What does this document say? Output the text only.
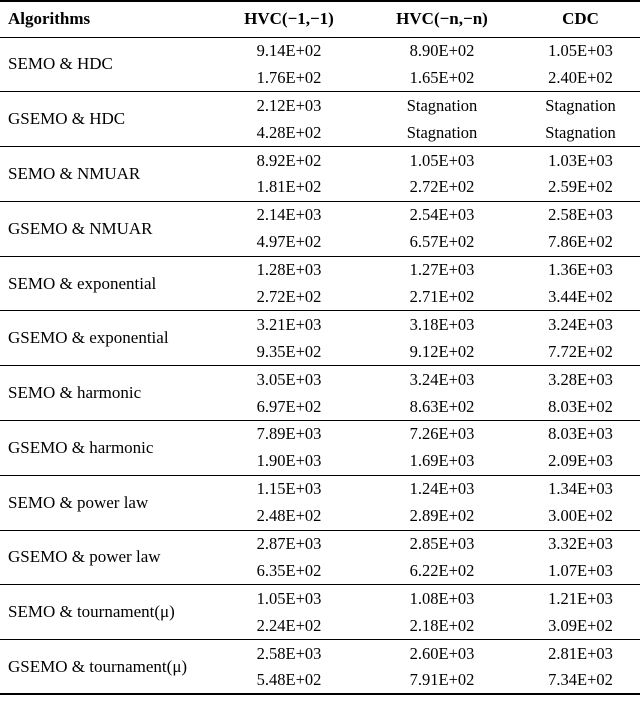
Algorithms	HVC(−1,−1)	HVC(−n,−n)	CDC
SEMO & HDC	9.14E+02	8.90E+02	1.05E+03
	1.76E+02	1.65E+02	2.40E+02
GSEMO & HDC	2.12E+03	Stagnation	Stagnation
	4.28E+02	Stagnation	Stagnation
SEMO & NMUAR	8.92E+02	1.05E+03	1.03E+03
	1.81E+02	2.72E+02	2.59E+02
GSEMO & NMUAR	2.14E+03	2.54E+03	2.58E+03
	4.97E+02	6.57E+02	7.86E+02
SEMO & exponential	1.28E+03	1.27E+03	1.36E+03
	2.72E+02	2.71E+02	3.44E+02
GSEMO & exponential	3.21E+03	3.18E+03	3.24E+03
	9.35E+02	9.12E+02	7.72E+02
SEMO & harmonic	3.05E+03	3.24E+03	3.28E+03
	6.97E+02	8.63E+02	8.03E+02
GSEMO & harmonic	7.89E+03	7.26E+03	8.03E+03
	1.90E+03	1.69E+03	2.09E+03
SEMO & power law	1.15E+03	1.24E+03	1.34E+03
	2.48E+02	2.89E+02	3.00E+02
GSEMO & power law	2.87E+03	2.85E+03	3.32E+03
	6.35E+02	6.22E+02	1.07E+03
SEMO & tournament(μ)	1.05E+03	1.08E+03	1.21E+03
	2.24E+02	2.18E+02	3.09E+02
GSEMO & tournament(μ)	2.58E+03	2.60E+03	2.81E+03
	5.48E+02	7.91E+02	7.34E+02
